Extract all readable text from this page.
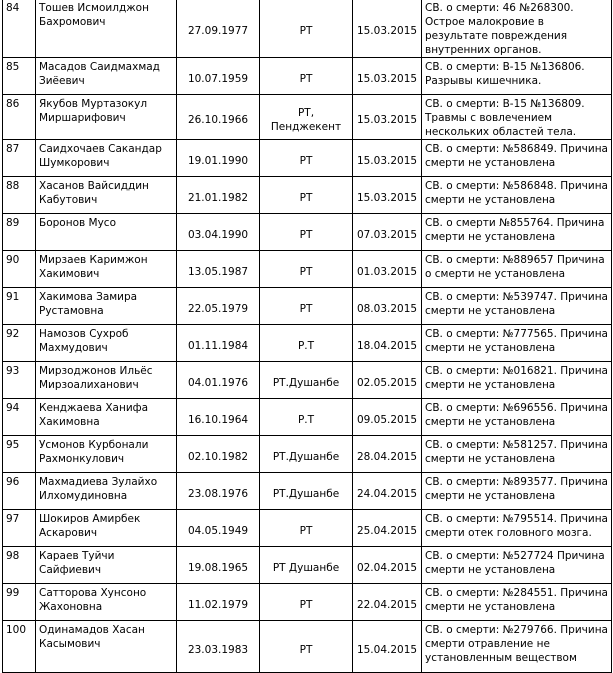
84	Тошев Исмоилджон Бахромович	27.09.1977	РТ	15.03.2015	СВ. о смерти: 46 №268300. Острое малокровие в результате повреждения внутренних органов.
85	Масадов Саидмахмад Зиёевич	10.07.1959	РТ	15.03.2015	СВ. о смерти: В-15 №136806. Разрывы кишечника.
86	Якубов Муртазокул Миршарифович	26.10.1966	РТ, Пенджекент	15.03.2015	СВ. о смерти: В-15 №136809. Травмы с вовлечением нескольких областей тела.
87	Саидхочаев Сакандар Шумкорович	19.01.1990	РТ	15.03.2015	СВ. о смерти: №586849. Причина смерти не установлена
88	Хасанов Вайсиддин Кабутович	21.01.1982	РТ	15.03.2015	СВ. о смерти: №586848. Причина смерти не установлена
89	Боронов Мусо	03.04.1990	РТ	07.03.2015	СВ. о смерти №855764. Причина смерти не установлена
90	Мирзаев Каримжон Хакимович	13.05.1987	РТ	01.03.2015	СВ. о смерти: №889657 Причина о смерти не установлена
91	Хакимова Замира Рустамовна	22.05.1979	РТ	08.03.2015	СВ. о смерти: №539747. Причина смерти не установлена
92	Намозов Сухроб Махмудович	01.11.1984	Р.Т	18.04.2015	СВ. о смерти: №777565. Причина смерти не установлена
93	Мирзоджонов Ильёс Мирзоалиханович	04.01.1976	РТ.Душанбе	02.05.2015	СВ. о смерти: №016821. Причина смерти не установлена
94	Кенджаева Ханифа Хакимовна	16.10.1964	Р.Т	09.05.2015	СВ. о смерти: №696556. Причина смерти не установлена
95	Усмонов Курбонали Рахмонкулович	02.10.1982	РТ.Душанбе	28.04.2015	СВ. о смерти: №581257. Причина смерти не установлена
96	Махмадиева Зулайхо Илхомудиновна	23.08.1976	РТ.Душанбе	24.04.2015	СВ. о смерти: №893577. Причина смерти не установлена
97	Шокиров Амирбек Аскарович	04.05.1949	РТ	25.04.2015	СВ. о смерти: №795514. Причина смерти отек головного мозга.
98	Караев Туйчи Сайфиевич	19.08.1965	РТ Душанбе	02.04.2015	СВ. о смерти: №527724 Причина смерти не установлена
99	Сатторова Хунсоно Жахоновна	11.02.1979	РТ	22.04.2015	СВ. о смерти: №284551. Причина смерти не установлена
100	Одинамадов Хасан Касымович	23.03.1983	РТ	15.04.2015	СВ. о смерти: №279766. Причина смерти отравление не установленным веществом
